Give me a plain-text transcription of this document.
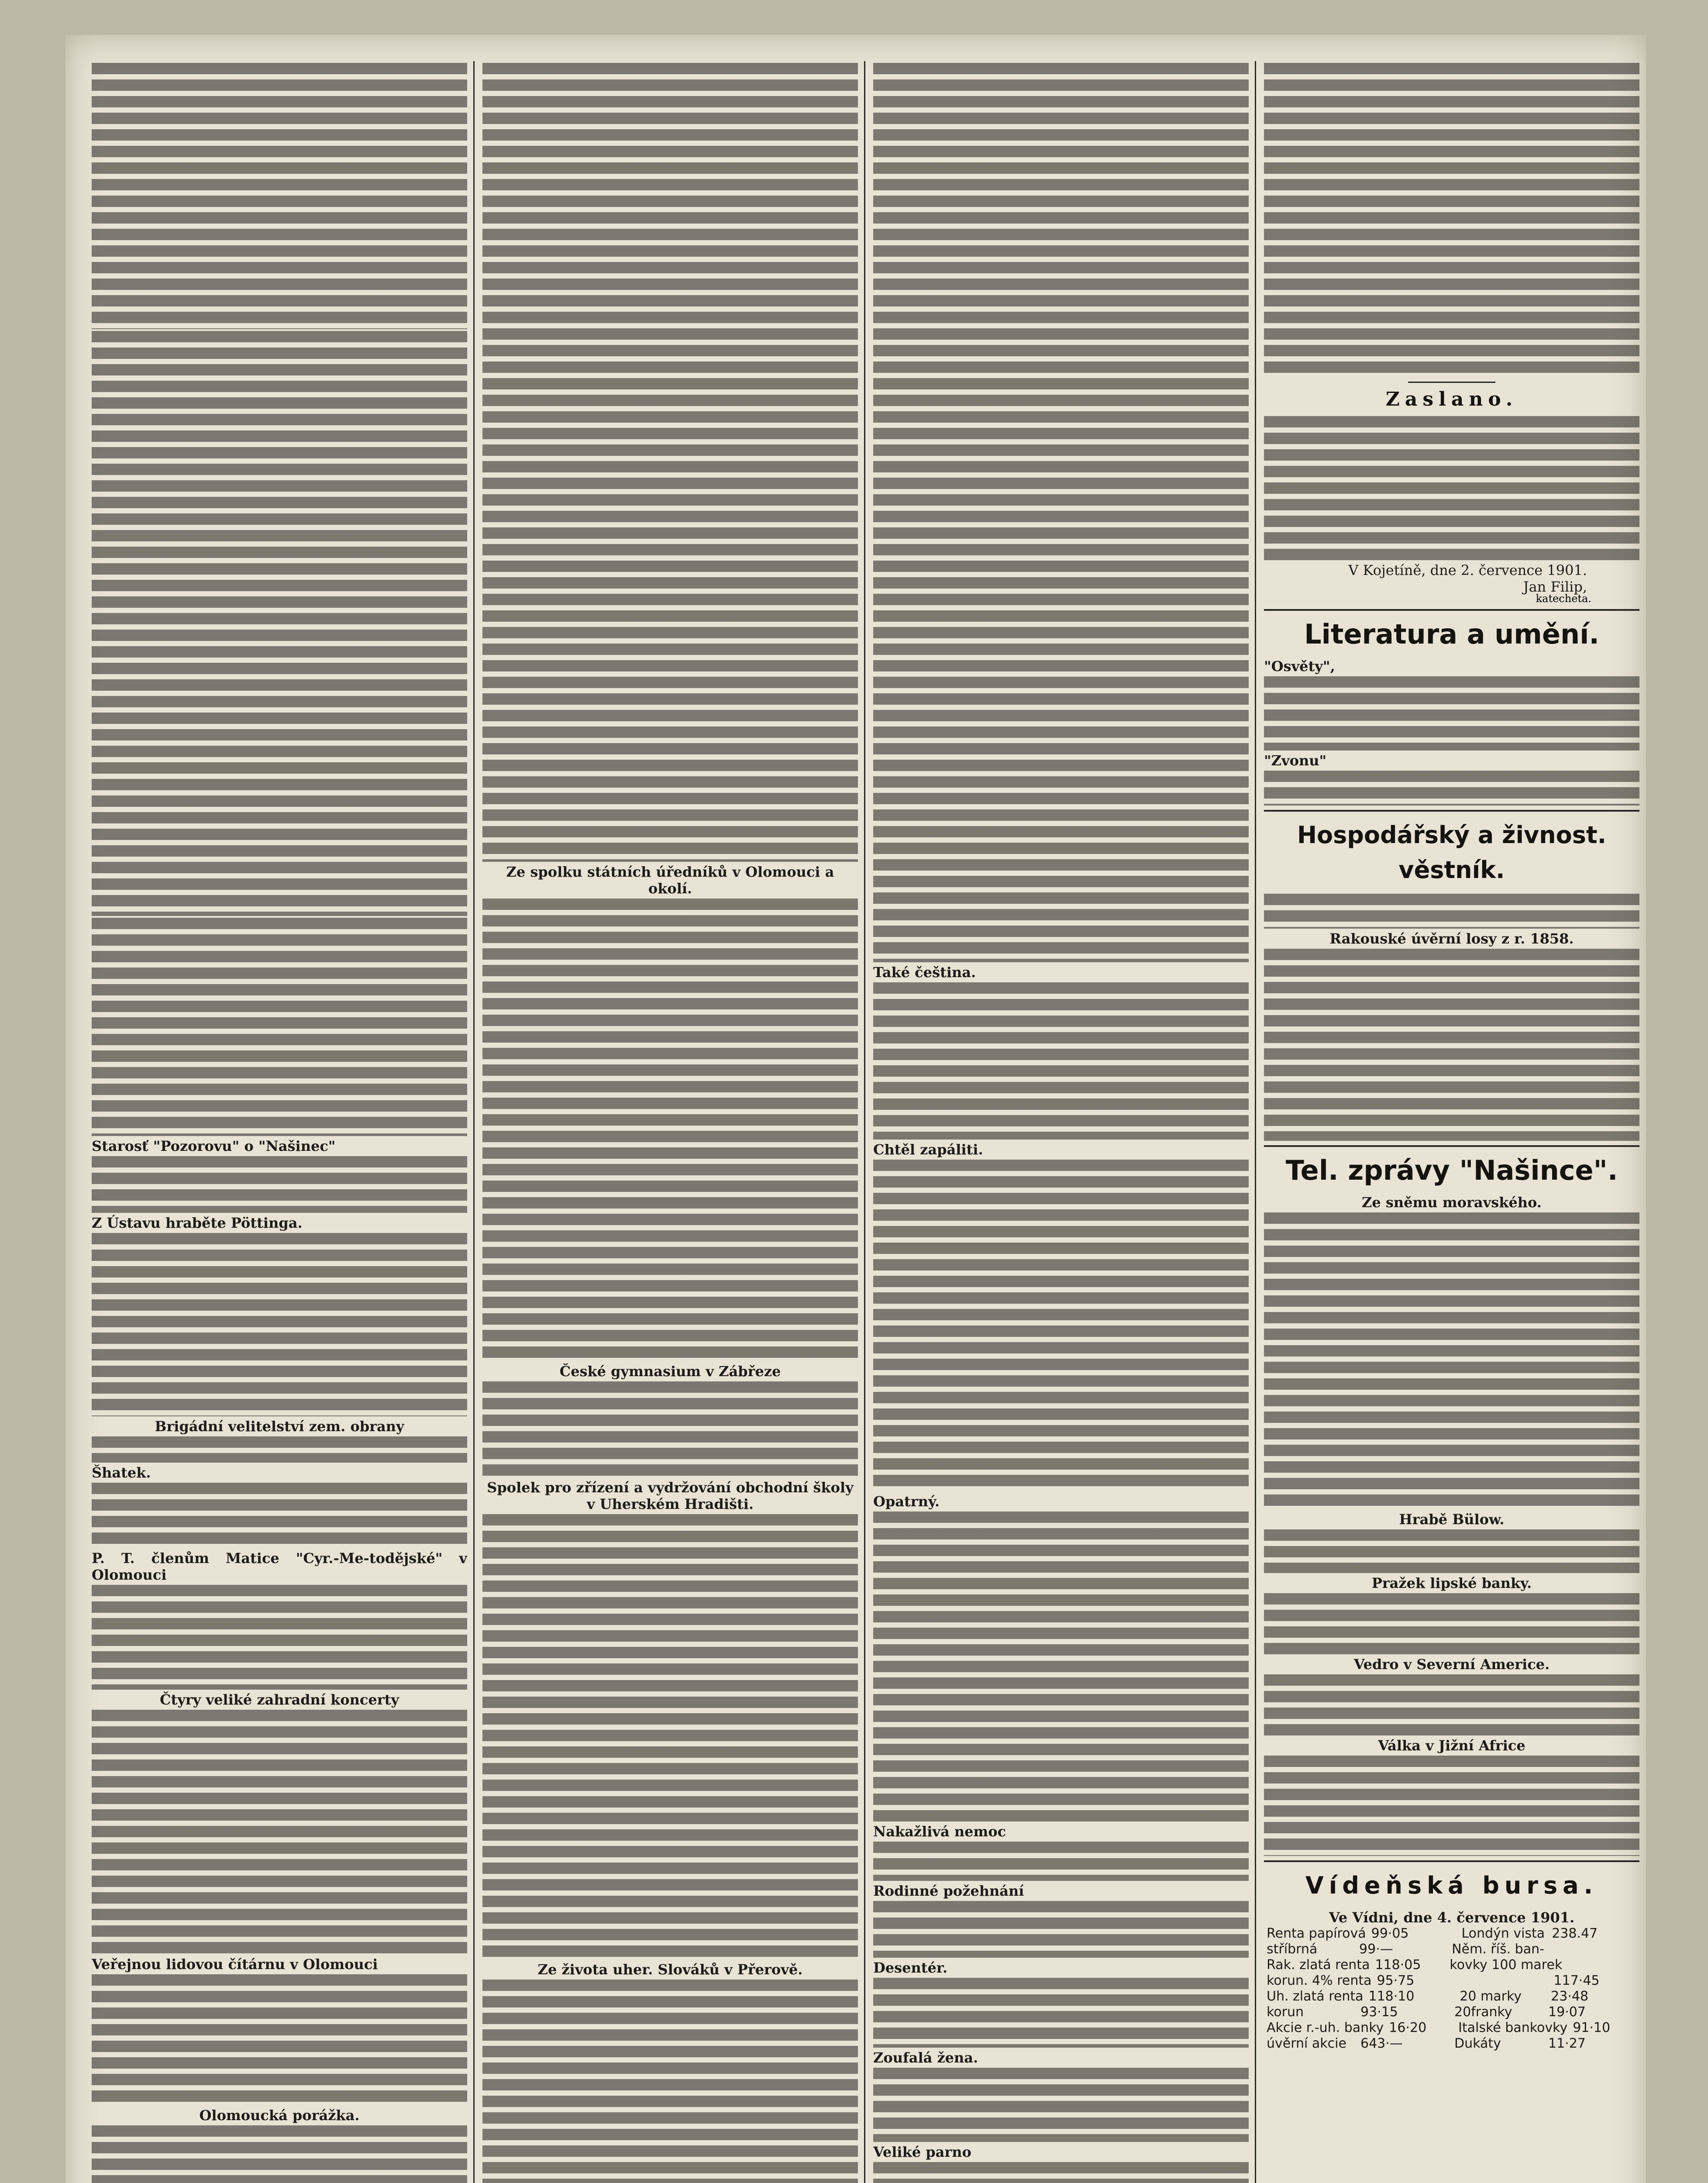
Starosť "Pozorovu" o "Našinec"
Z Ústavu hraběte Pöttinga.
Brigádní velitelství zem. obrany
Šhatek.
P. T. členům Matice "Cyr.-Me-todějské" v Olomouci
Čtyry veliké zahradní koncerty
Veřejnou lidovou čítárnu v Olomouci
Olomoucká porážka.
Ze spolku státních úředníků v Olomouci a okolí.
České gymnasium v Zábřeze
Spolek pro zřízení a vydržování obchodní školy v Uherském Hradišti.
Ze života uher. Slováků v Přerově.
Také čeština.
Chtěl zapáliti.
Opatrný.
Nakažlivá nemoc
Rodinné požehnání
Desentér.
Zoufalá žena.
Veliké parno
Zaslano.
V Kojetíně, dne 2. července 1901.
Jan Filip,
katecheta.
Literatura a umění.
"Osvěty",
"Zvonu"
Hospodářský a živnost. věstník.
Rakouské úvěrní losy z r. 1858.
Tel. zprávy "Našince".
Ze sněmu moravského.
Hrabě Bülow.
Pražek lipské banky.
Vedro v Severní Americe.
Válka v Jižní Africe
Vídeňská bursa.
Ve Vídni, dne 4. července 1901.
Renta papírová 99·05	Londýn vista 238.47
stříbrná	99·—	Něm. říš. ban-
Rak. zlatá renta 118·05	kovky 100 marek
korun. 4% renta 95·75	117·45
Uh. zlatá renta 118·10	20 marky	23·48
korun	93·15	20franky	19·07
Akcie r.-uh. banky 16·20	Italské bankovky 91·10
úvěrní akcie	643·—	Dukáty	11·27
